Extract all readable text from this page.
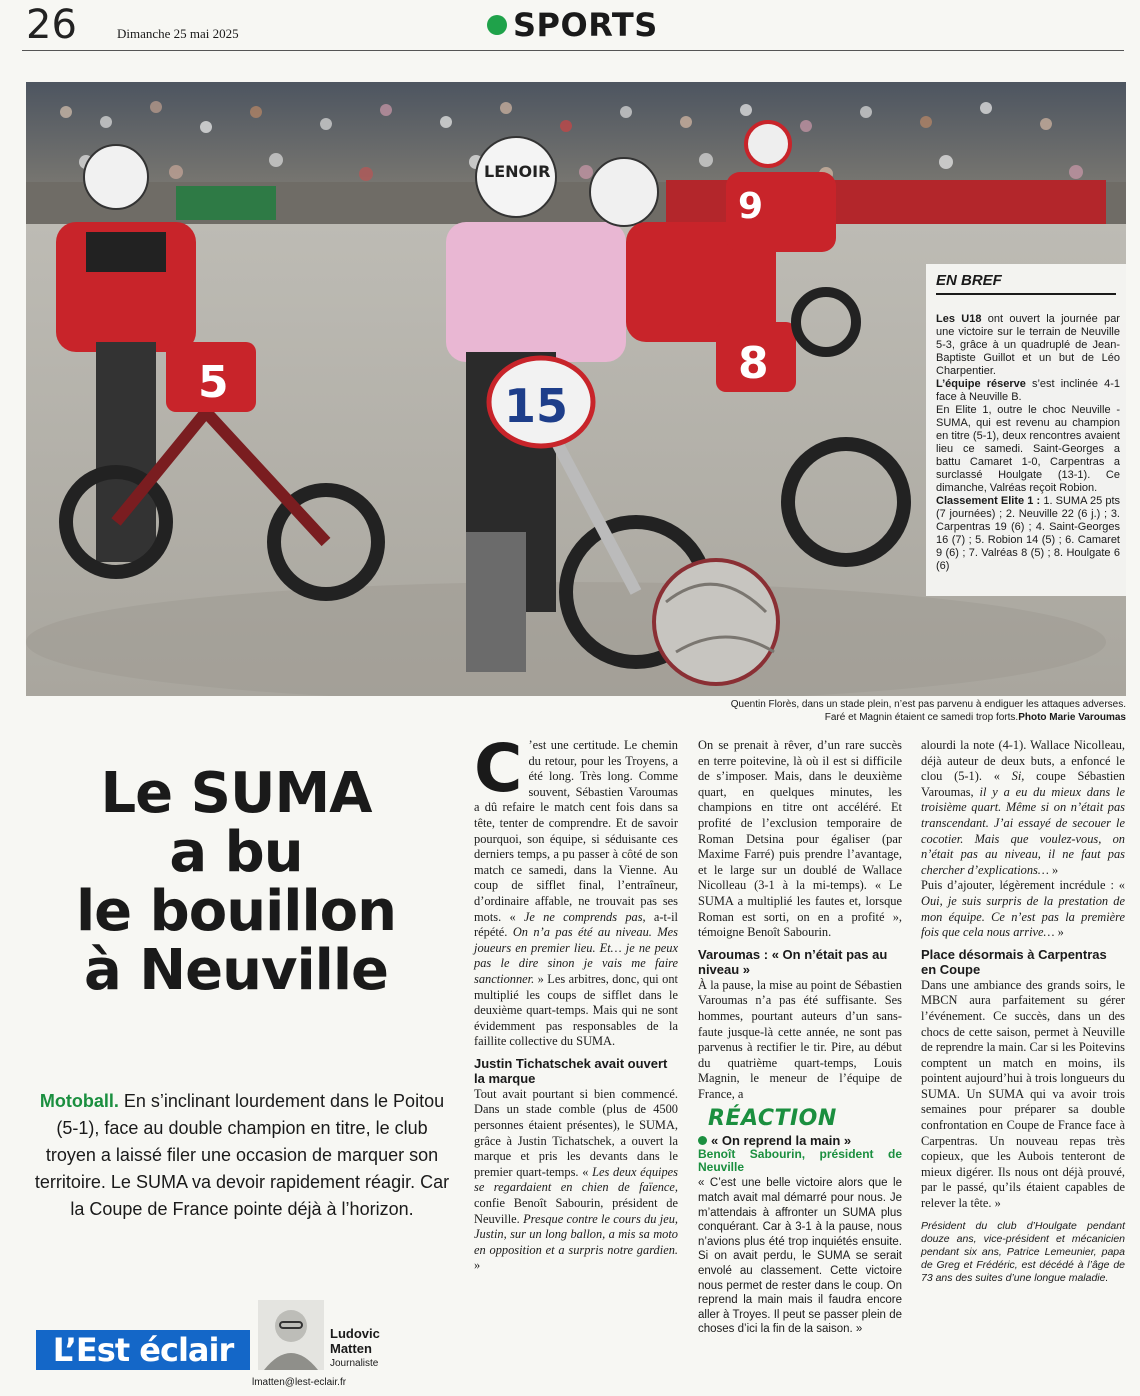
26	Dimanche 25 mai 2025	SPORTS
5
LENOIR
15
8
9
EN BREF

Les U18 ont ouvert la journée par une victoire sur le terrain de Neuville 5-3, grâce à un quadruplé de Jean-Baptiste Guillot et un but de Léo Charpentier.

L’équipe réserve s’est inclinée 4-1 face à Neuville B.

En Elite 1, outre le choc Neuville - SUMA, qui est revenu au champion en titre (5-1), deux rencontres avaient lieu ce samedi. Saint-Georges a battu Camaret 1-0, Carpentras a surclassé Houlgate (13-1). Ce dimanche, Valréas reçoit Robion.

Classement Elite 1 : 1. SUMA 25 pts (7 journées) ; 2. Neuville 22 (6 j.) ; 3. Carpentras 19 (6) ; 4. Saint-Georges 16 (7) ; 5. Robion 14 (5) ; 6. Camaret 9 (6) ; 7. Valréas 8 (5) ; 8. Houlgate 6 (6)

Quentin Florès, dans un stade plein, n’est pas parvenu à endiguer les attaques adverses.
Faré et Magnin étaient ce samedi trop forts.Photo Marie Varoumas
Le SUMA
a bu
le bouillon
à Neuville
Motoball. En s’inclinant lourdement dans le Poitou (5-1), face au double champion en titre, le club troyen a laissé filer une occasion de marquer son territoire. Le SUMA va devoir rapidement réagir. Car la Coupe de France pointe déjà à l’horizon.
L’Est éclair	Ludovic
Matten
Journaliste
lmatten@lest-eclair.fr

C ’est une certitude. Le chemin du retour, pour les Troyens, a été long. Très long. Comme souvent, Sébastien Varoumas a dû refaire le match cent fois dans sa tête, tenter de comprendre. Et de savoir pourquoi, son équipe, si séduisante ces derniers temps, a pu passer à côté de son match ce samedi, dans la Vienne. Au coup de sifflet final, l’entraîneur, d’ordinaire affable, ne trouvait pas ses mots. « Je ne comprends pas, a-t-il répété. On n’a pas été au niveau. Mes joueurs en premier lieu. Et… je ne peux pas le dire sinon je vais me faire sanctionner. » Les arbitres, donc, qui ont multiplié les coups de sifflet dans le deuxième quart-temps. Mais qui ne sont évidemment pas responsables de la faillite collective du SUMA.

Justin Tichatschek avait ouvert la marque

Tout avait pourtant si bien commencé. Dans un stade comble (plus de 4500 personnes étaient présentes), le SUMA, grâce à Justin Tichatschek, a ouvert la marque et pris les devants dans le premier quart-temps. « Les deux équipes se regardaient en chien de faïence, confie Benoît Sabourin, président de Neuville. Presque contre le cours du jeu, Justin, sur un long ballon, a mis sa moto en opposition et a surpris notre gardien. »

On se prenait à rêver, d’un rare succès en terre poitevine, là où il est si difficile de s’imposer. Mais, dans le deuxième quart, en quelques minutes, les champions en titre ont accéléré. Et profité de l’exclusion temporaire de Roman Detsina pour égaliser (par Maxime Farré) puis prendre l’avantage, et le large sur un doublé de Wallace Nicolleau (3-1 à la mi-temps). « Le SUMA a multiplié les fautes et, lorsque Roman est sorti, on en a profité », témoigne Benoît Sabourin.

Varoumas : « On n’était pas au niveau »

À la pause, la mise au point de Sébastien Varoumas n’a pas été suffisante. Ses hommes, pourtant auteurs d’un sans-faute jusque-là cette année, ne sont pas parvenus à rectifier le tir. Pire, au début du quatrième quart-temps, Louis Magnin, le meneur de l’équipe de France, a

RÉACTION
« On reprend la main »
Benoît Sabourin, président de Neuville

« C’est une belle victoire alors que le match avait mal démarré pour nous. Je m’attendais à affronter un SUMA plus conquérant. Car à 3-1 à la pause, nous n’avions plus été trop inquiétés ensuite. Si on avait perdu, le SUMA se serait envolé au classement. Cette victoire nous permet de rester dans le coup. On reprend la main mais il faudra encore aller à Troyes. Il peut se passer plein de choses d’ici la fin de la saison. »

alourdi la note (4-1). Wallace Nicolleau, déjà auteur de deux buts, a enfoncé le clou (5-1). « Si, coupe Sébastien Varoumas, il y a eu du mieux dans le troisième quart. Même si on n’était pas transcendant. J’ai essayé de secouer le cocotier. Mais que voulez-vous, on n’était pas au niveau, il ne faut pas chercher d’explications… »

Puis d’ajouter, légèrement incrédule : « Oui, je suis surpris de la prestation de mon équipe. Ce n’est pas la première fois que cela nous arrive… »

Place désormais à Carpentras en Coupe

Dans une ambiance des grands soirs, le MBCN aura parfaitement su gérer l’événement. Ce succès, dans un des chocs de cette saison, permet à Neuville de reprendre la main. Car si les Poitevins comptent un match en moins, ils pointent aujourd’hui à trois longueurs du SUMA. Un SUMA qui va avoir trois semaines pour préparer sa double confrontation en Coupe de France face à Carpentras. Un nouveau repas très copieux, que les Aubois tenteront de mieux digérer. Ils nous ont déjà prouvé, par le passé, qu’ils étaient capables de relever la tête. »

Président du club d’Houlgate pendant douze ans, vice-président et mécanicien pendant six ans, Patrice Lemeunier, papa de Greg et Frédéric, est décédé à l’âge de 73 ans des suites d’une longue maladie.
